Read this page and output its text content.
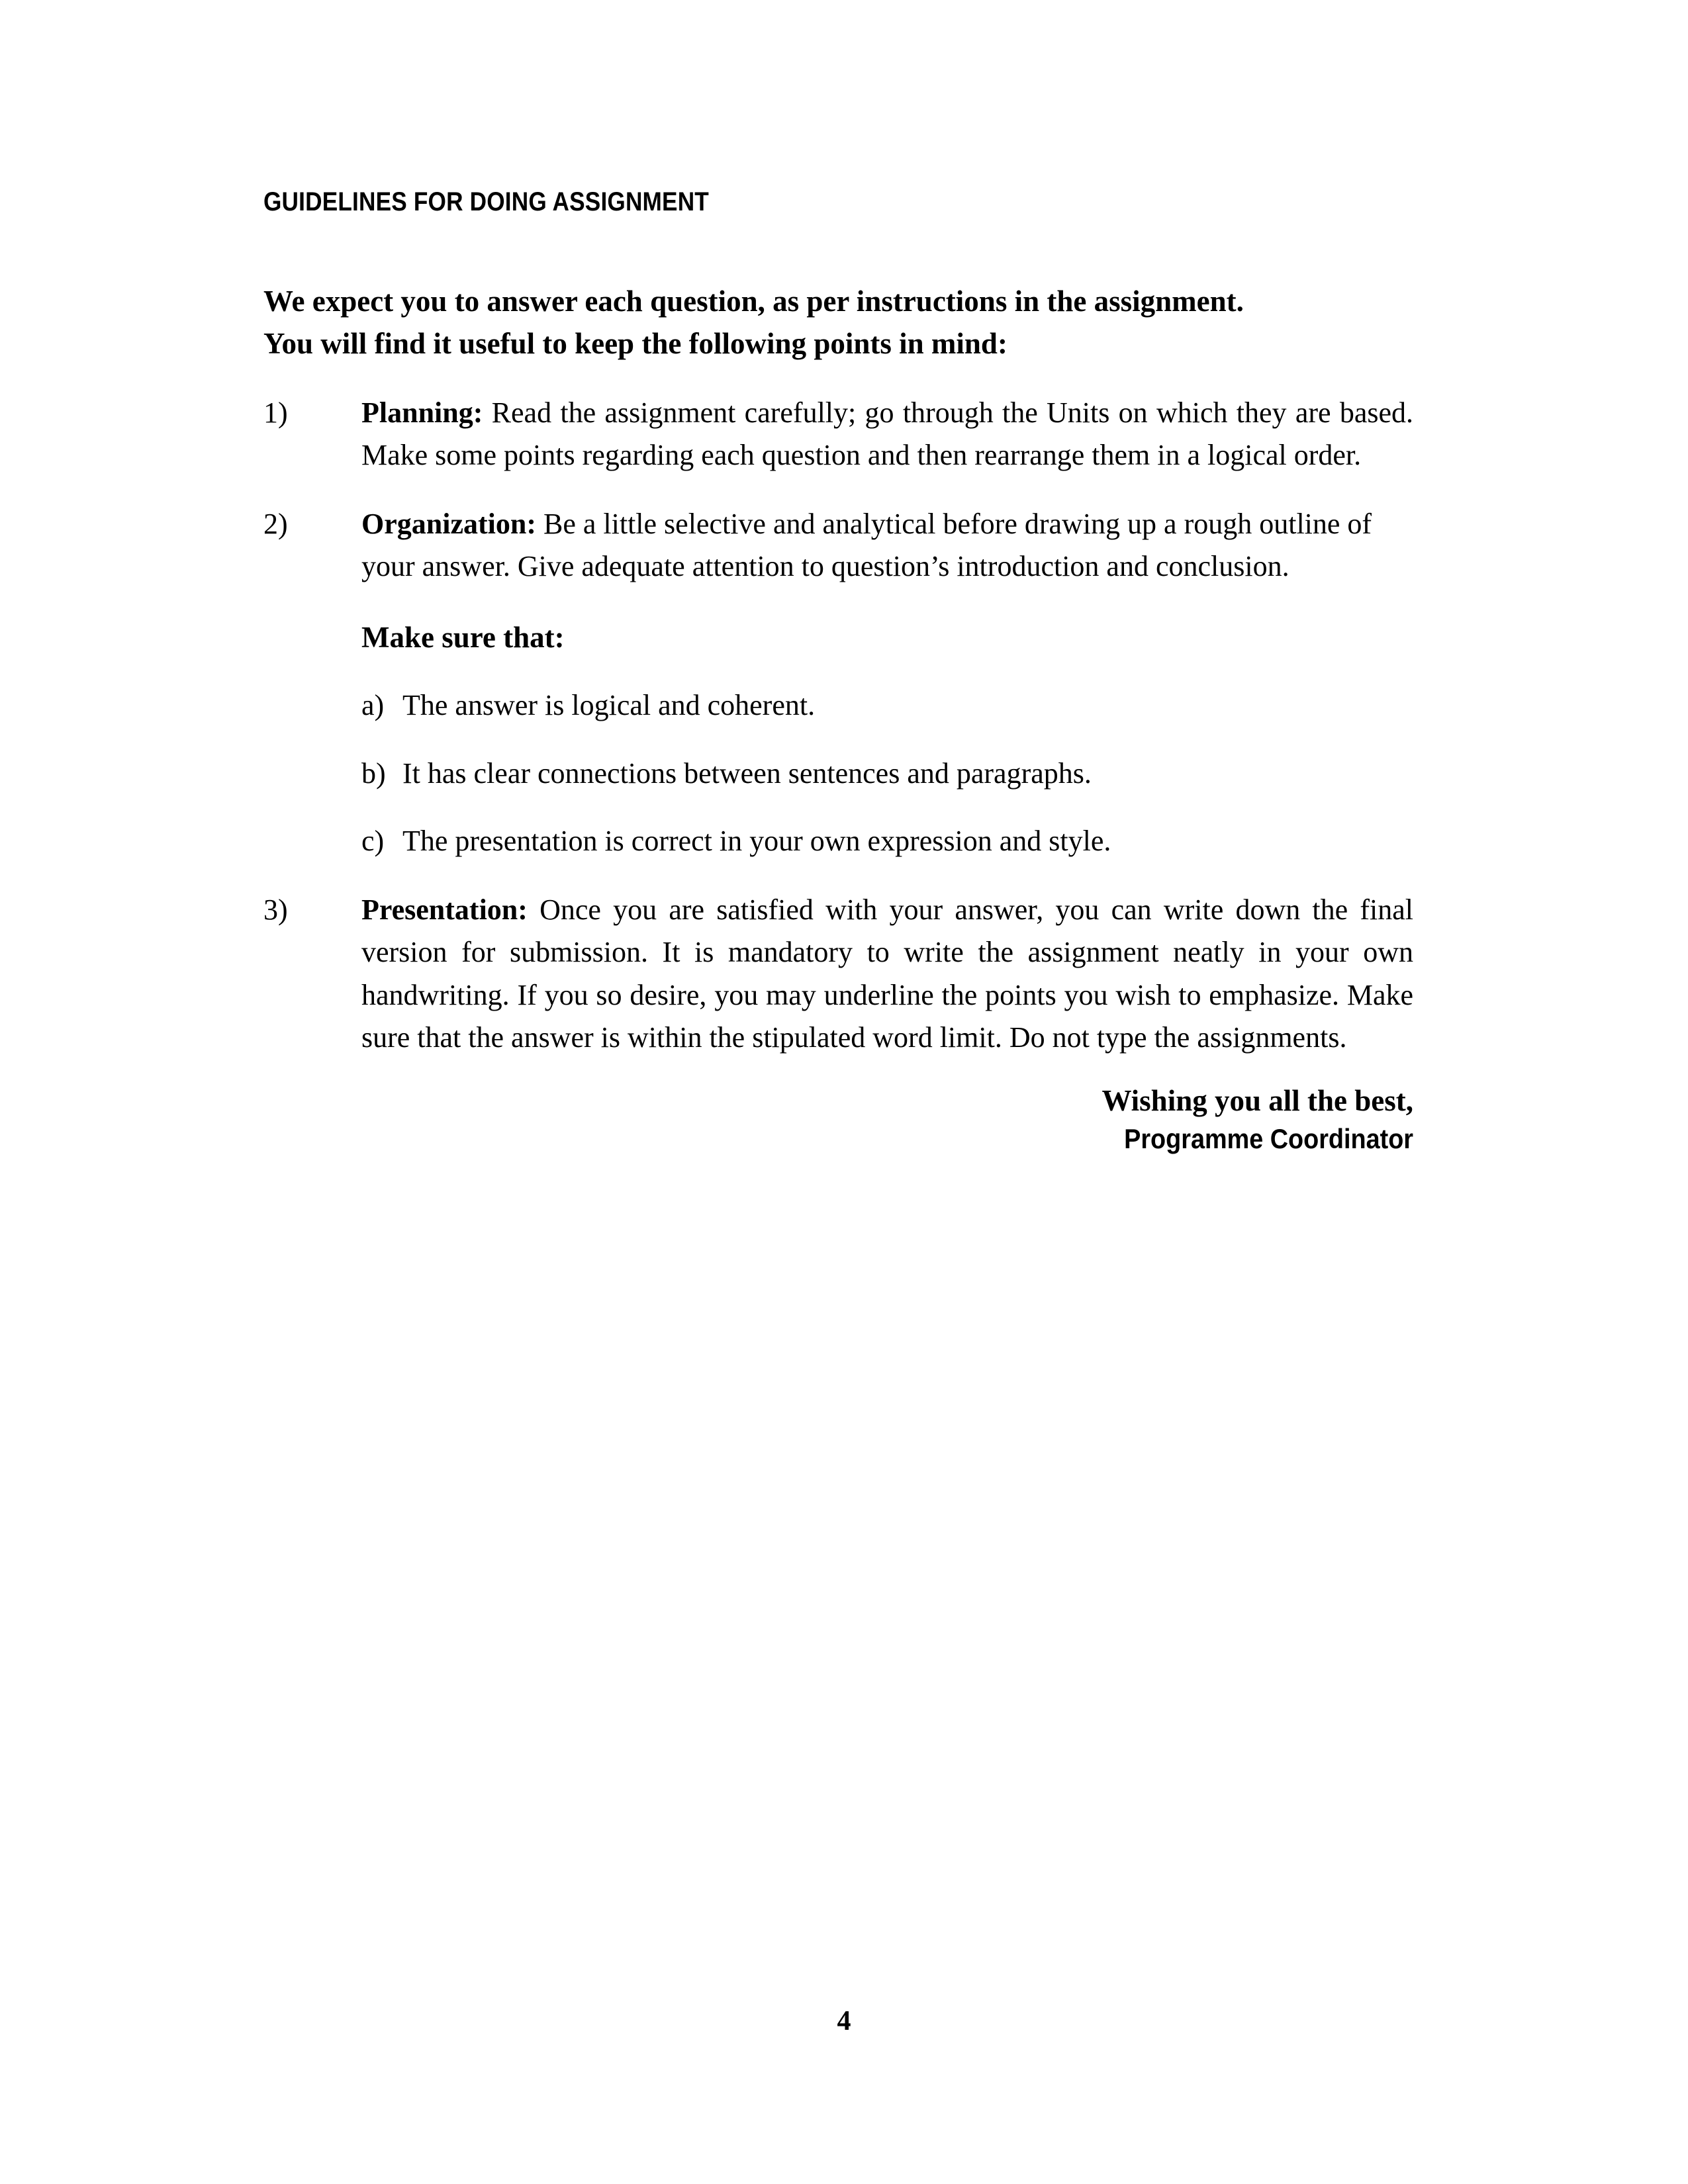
GUIDELINES FOR DOING ASSIGNMENT
We expect you to answer each question, as per instructions in the assignment.
You will find it useful to keep the following points in mind:
1)	Planning: Read the assignment carefully; go through the Units on which they are based. Make some points regarding each question and then rearrange them in a logical order.
2)	Organization: Be a little selective and analytical before drawing up a rough outline of your answer. Give adequate attention to question’s introduction and conclusion.
Make sure that:
a) The answer is logical and coherent.
b) It has clear connections between sentences and paragraphs.
c) The presentation is correct in your own expression and style.
3)	Presentation: Once you are satisfied with your answer, you can write down the final version for submission. It is mandatory to write the assignment neatly in your own handwriting. If you so desire, you may underline the points you wish to emphasize. Make sure that the answer is within the stipulated word limit. Do not type the assignments.
Wishing you all the best,
Programme Coordinator
4
